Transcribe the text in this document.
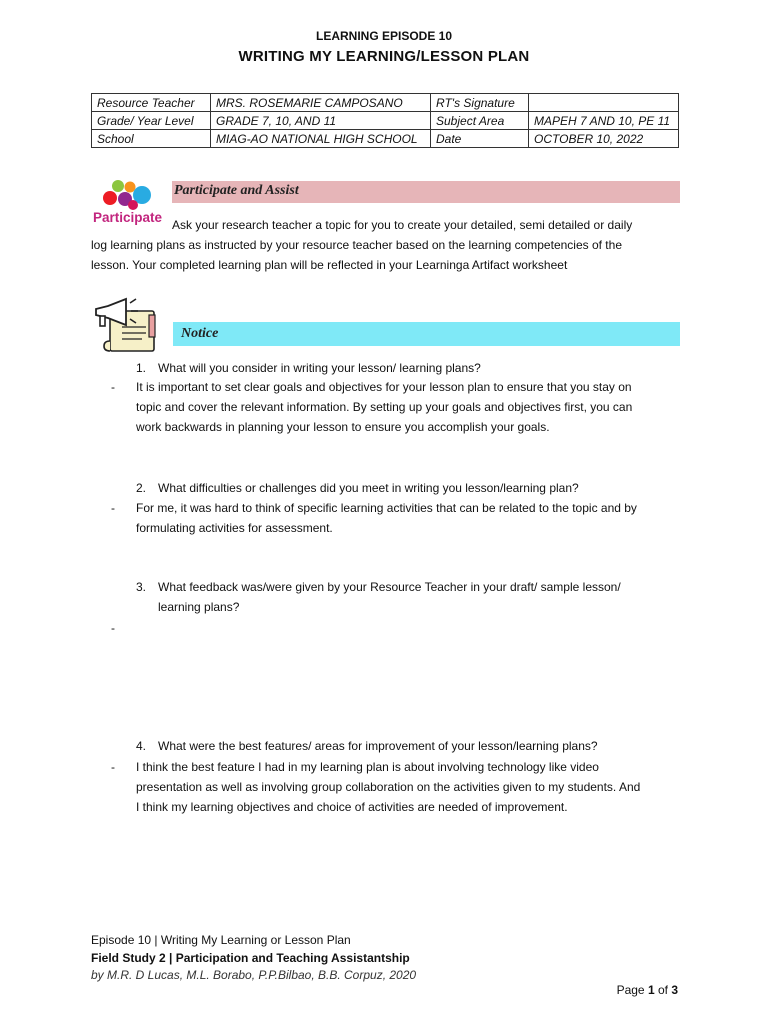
LEARNING EPISODE 10
WRITING MY LEARNING/LESSON PLAN
Resource Teacher	MRS. ROSEMARIE CAMPOSANO	RT's Signature	
Grade/ Year Level	GRADE 7, 10, AND 11	Subject Area	MAPEH 7 AND 10, PE 11
School	MIAG-AO NATIONAL HIGH SCHOOL	Date	OCTOBER 10, 2022
Participate
Participate and Assist
Ask your research teacher a topic for you to create your detailed, semi detailed or daily
log learning plans as instructed by your resource teacher based on the learning competencies of the
lesson. Your completed learning plan will be reflected in your Learninga Artifact worksheet
Notice
1. What will you consider in writing your lesson/ learning plans?
-	It is important to set clear goals and objectives for your lesson plan to ensure that you stay on
topic and cover the relevant information. By setting up your goals and objectives first, you can
work backwards in planning your lesson to ensure you accomplish your goals.
2. What difficulties or challenges did you meet in writing you lesson/learning plan?
-	For me, it was hard to think of specific learning activities that can be related to the topic and by
formulating activities for assessment.
3. What feedback was/were given by your Resource Teacher in your draft/ sample lesson/
learning plans?
-
4. What were the best features/ areas for improvement of your lesson/learning plans?
-	I think the best feature I had in my learning plan is about involving technology like video
presentation as well as involving group collaboration on the activities given to my students. And
I think my learning objectives and choice of activities are needed of improvement.
Episode 10 | Writing My Learning or Lesson Plan
Field Study 2 | Participation and Teaching Assistantship
by M.R. D Lucas, M.L. Borabo, P.P.Bilbao, B.B. Corpuz, 2020
Page 1 of 3
